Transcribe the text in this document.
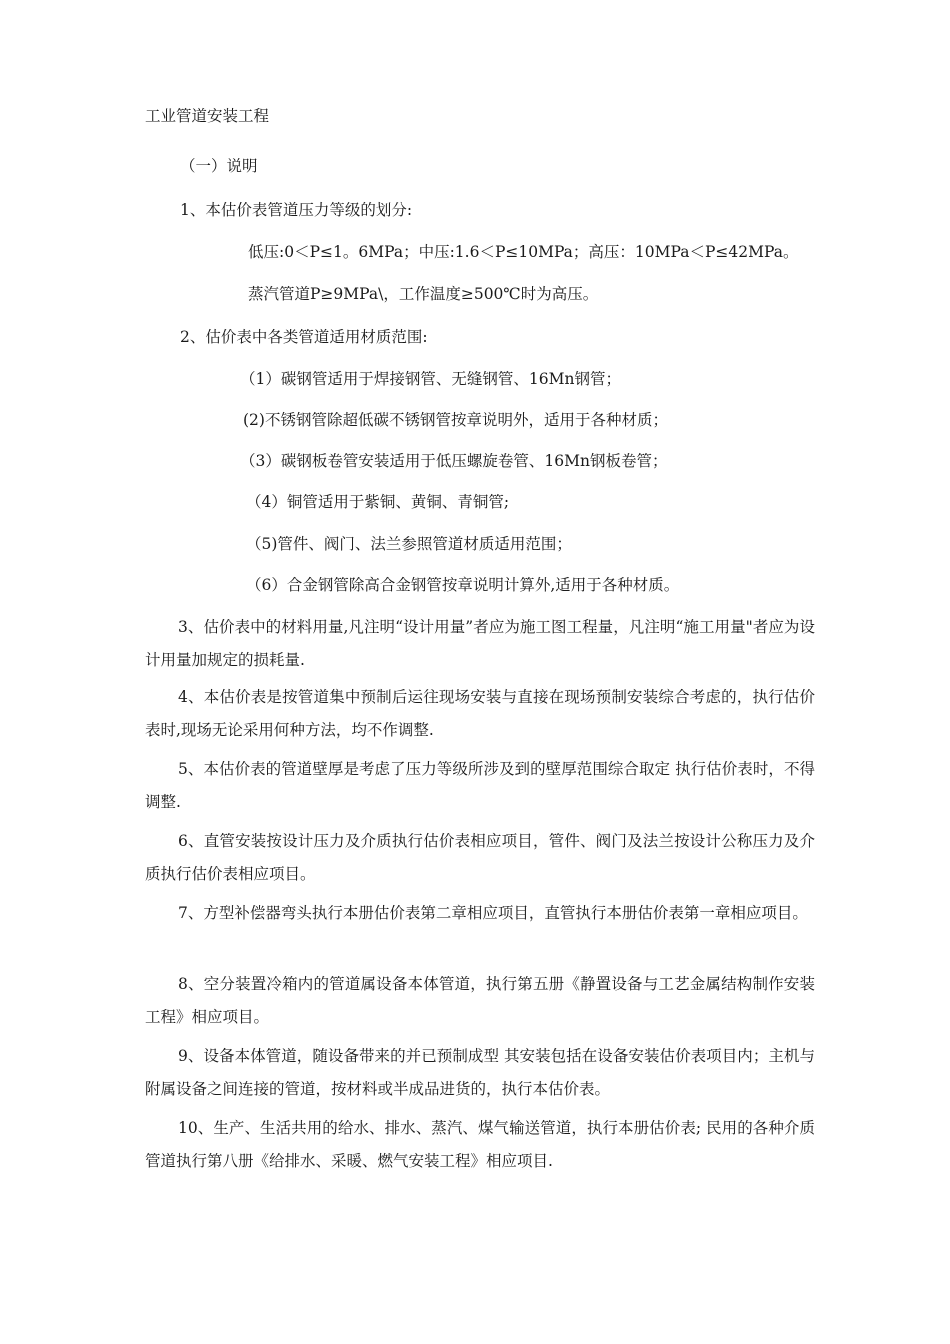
工业管道安装工程
（一）说明
1、本估价表管道压力等级的划分:
低压:0＜P≤1。6MPa；中压:1.6＜P≤10MPa；高压：10MPa＜P≤42MPa。
蒸汽管道P≥9MPa\，工作温度≥500℃时为高压。
2、估价表中各类管道适用材质范围:
（1）碳钢管适用于焊接钢管、无缝钢管、16Mn钢管；
(2)不锈钢管除超低碳不锈钢管按章说明外，适用于各种材质；
（3）碳钢板卷管安装适用于低压螺旋卷管、16Mn钢板卷管；
（4）铜管适用于紫铜、黄铜、青铜管;
（5)管件、阀门、法兰参照管道材质适用范围；
（6）合金钢管除高合金钢管按章说明计算外,适用于各种材质。
3、估价表中的材料用量,凡注明“设计用量”者应为施工图工程量，凡注明“施工用量"者应为设计用量加规定的损耗量.
4、本估价表是按管道集中预制后运往现场安装与直接在现场预制安装综合考虑的，执行估价表时,现场无论采用何种方法，均不作调整.
5、本估价表的管道壁厚是考虑了压力等级所涉及到的壁厚范围综合取定 执行估价表时，不得调整.
6、直管安装按设计压力及介质执行估价表相应项目，管件、阀门及法兰按设计公称压力及介质执行估价表相应项目。
7、方型补偿器弯头执行本册估价表第二章相应项目，直管执行本册估价表第一章相应项目。
8、空分装置冷箱内的管道属设备本体管道，执行第五册《静置设备与工艺金属结构制作安装工程》相应项目。
9、设备本体管道，随设备带来的并已预制成型 其安装包括在设备安装估价表项目内；主机与附属设备之间连接的管道，按材料或半成品进货的，执行本估价表。
10、生产、生活共用的给水、排水、蒸汽、煤气输送管道，执行本册估价表; 民用的各种介质管道执行第八册《给排水、采暖、燃气安装工程》相应项目.
